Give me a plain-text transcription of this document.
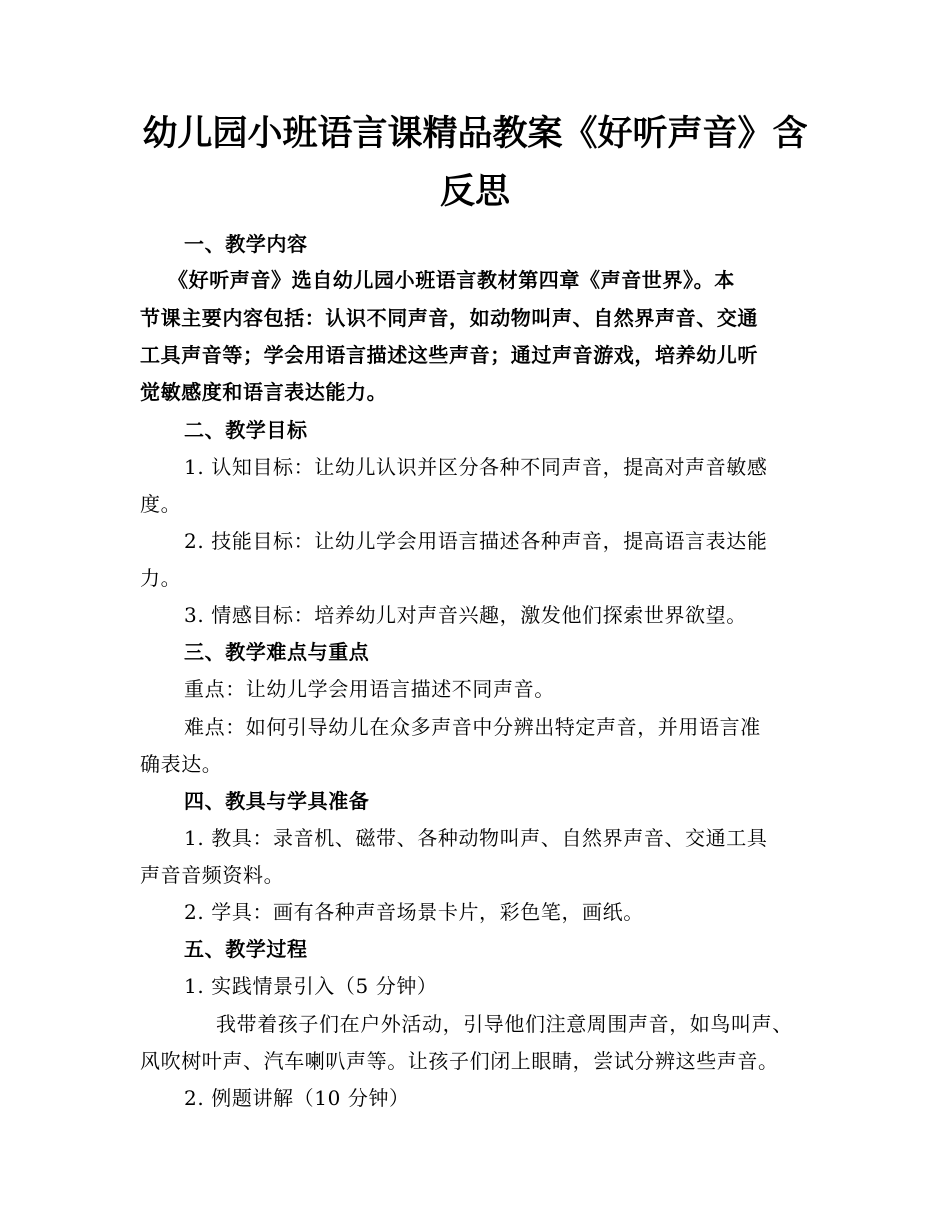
幼儿园小班语言课精品教案《好听声音》含
反思
一、教学内容
《好听声音》选自幼儿园小班语言教材第四章《声音世界》。本
节课主要内容包括：认识不同声音，如动物叫声、自然界声音、交通
工具声音等；学会用语言描述这些声音；通过声音游戏，培养幼儿听
觉敏感度和语言表达能力。
二、教学目标
1. 认知目标：让幼儿认识并区分各种不同声音，提高对声音敏感
度。
2. 技能目标：让幼儿学会用语言描述各种声音，提高语言表达能
力。
3. 情感目标：培养幼儿对声音兴趣，激发他们探索世界欲望。
三、教学难点与重点
重点：让幼儿学会用语言描述不同声音。
难点：如何引导幼儿在众多声音中分辨出特定声音，并用语言准
确表达。
四、教具与学具准备
1. 教具：录音机、磁带、各种动物叫声、自然界声音、交通工具
声音音频资料。
2. 学具：画有各种声音场景卡片，彩色笔，画纸。
五、教学过程
1. 实践情景引入（5 分钟）
我带着孩子们在户外活动，引导他们注意周围声音，如鸟叫声、
风吹树叶声、汽车喇叭声等。让孩子们闭上眼睛，尝试分辨这些声音。
2. 例题讲解（10 分钟）
